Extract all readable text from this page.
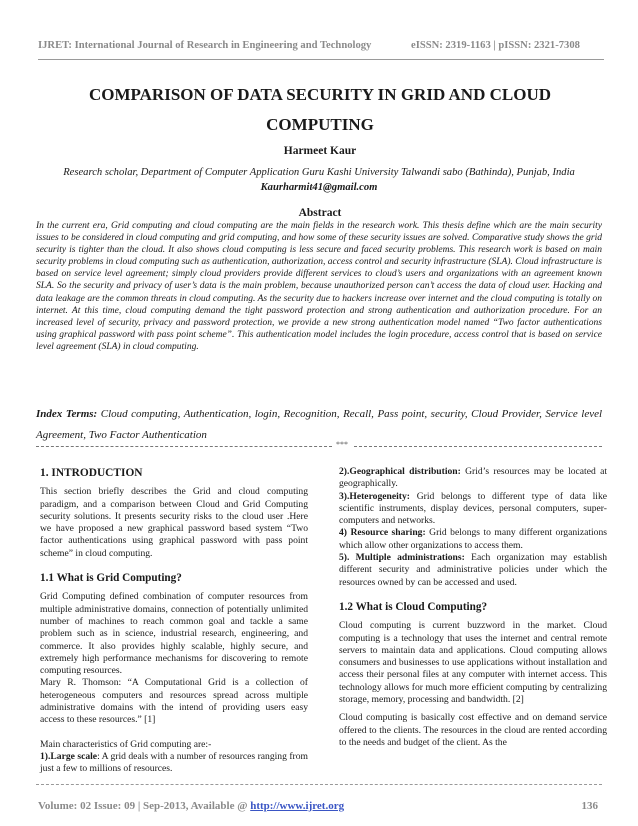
IJRET: International Journal of Research in Engineering and Technology	eISSN: 2319-1163 | pISSN: 2321-7308
COMPARISON OF DATA SECURITY IN GRID AND CLOUD
COMPUTING
Harmeet Kaur
Research scholar, Department of Computer Application Guru Kashi University Talwandi sabo (Bathinda), Punjab, India
Kaurharmit41@gmail.com
Abstract
In the current era, Grid computing and cloud computing are the main fields in the research work. This thesis define which are the main security issues to be considered in cloud computing and grid computing, and how some of these security issues are solved. Comparative study shows the grid security is tighter than the cloud. It also shows cloud computing is less secure and faced security problems. This research work is based on main security problems in cloud computing such as authentication, authorization, access control and security infrastructure (SLA). Cloud infrastructure is based on service level agreement; simply cloud providers provide different services to cloud’s users and organizations with an agreement known SLA. So the security and privacy of user’s data is the main problem, because unauthorized person can’t access the data of cloud user. Hacking and data leakage are the common threats in cloud computing. As the security due to hackers increase over internet and the cloud computing is totally on internet. At this time, cloud computing demand the tight password protection and strong authentication and authorization procedure. For an increased level of security, privacy and password protection, we provide a new strong authentication model named “Two factor authentications using graphical password with pass point scheme”. This authentication model includes the login procedure, access control that is based on service level agreement (SLA) in cloud computing.
Index Terms: Cloud computing, Authentication, login, Recognition, Recall, Pass point, security, Cloud Provider, Service level Agreement, Two Factor Authentication
***

1. INTRODUCTION

This section briefly describes the Grid and cloud computing paradigm, and a comparison between Cloud and Grid Computing security solutions. It presents security risks to the cloud user .Here we have proposed a new graphical password based system “Two factor authentications using graphical password with pass point scheme” in cloud computing.

1.1 What is Grid Computing?

Grid Computing defined combination of computer resources from multiple administrative domains, connection of potentially unlimited number of machines to reach common goal and tackle a same problem such as in science, industrial research, engineering, and commerce. It also provides highly scalable, highly secure, and extremely high performance mechanisms for discovering to remote computing resources.

Mary R. Thomson: “A Computational Grid is a collection of heterogeneous computers and resources spread across multiple administrative domains with the intend of providing users easy access to these resources.” [1]

Main characteristics of Grid computing are:-

1).Large scale: A grid deals with a number of resources ranging from just a few to millions of resources.

2).Geographical distribution: Grid’s resources may be located at geographically.

3).Heterogeneity: Grid belongs to different type of data like scientific instruments, display devices, personal computers, super-computers and networks.

4) Resource sharing: Grid belongs to many different organizations which allow other organizations to access them.

5). Multiple administrations: Each organization may establish different security and administrative policies under which the resources owned by can be accessed and used.

1.2 What is Cloud Computing?

Cloud computing is current buzzword in the market. Cloud computing is a technology that uses the internet and central remote servers to maintain data and applications. Cloud computing allows consumers and businesses to use applications without installation and access their personal files at any computer with internet access. This technology allows for much more efficient computing by centralizing storage, memory, processing and bandwidth. [2]

Cloud computing is basically cost effective and on demand service offered to the clients. The resources in the cloud are rented according to the needs and budget of the client. As the

Volume: 02 Issue: 09 | Sep-2013, Available @ http://www.ijret.org	136
